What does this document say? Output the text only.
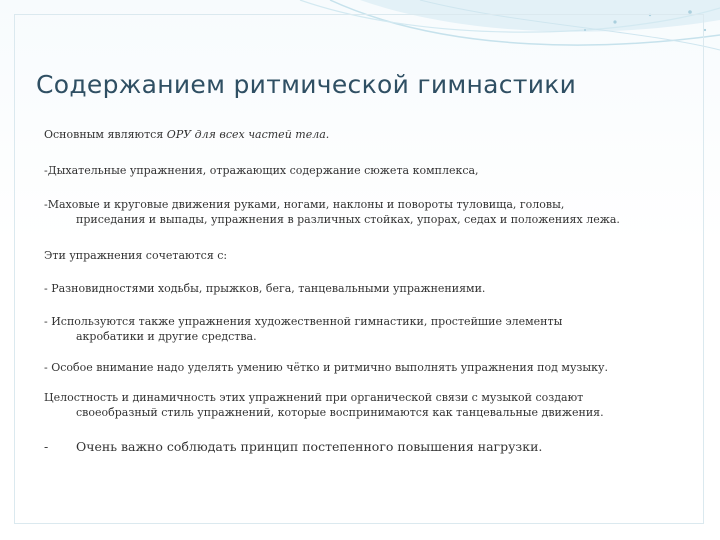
Содержанием ритмической гимнастики
Основным являются ОРУ для всех частей тела.
-Дыхательные упражнения, отражающих содержание сюжета комплекса,
-Маховые и круговые движения руками, ногами, наклоны и повороты туловища, головы,
приседания и выпады, упражнения в различных стойках, упорах, седах и положениях лежа.
Эти упражнения сочетаются с:
- Разновидностями ходьбы, прыжков, бега, танцевальными упражнениями.
- Используются также упражнения художественной гимнастики, простейшие элементы
акробатики и другие средства.
- Особое внимание надо уделять умению чётко и ритмично выполнять упражнения под музыку.
Целостность и динамичность этих упражнений при органической связи с музыкой создают
своеобразный стиль упражнений, которые воспринимаются как танцевальные движения.
- Очень важно соблюдать принцип постепенного повышения нагрузки.
